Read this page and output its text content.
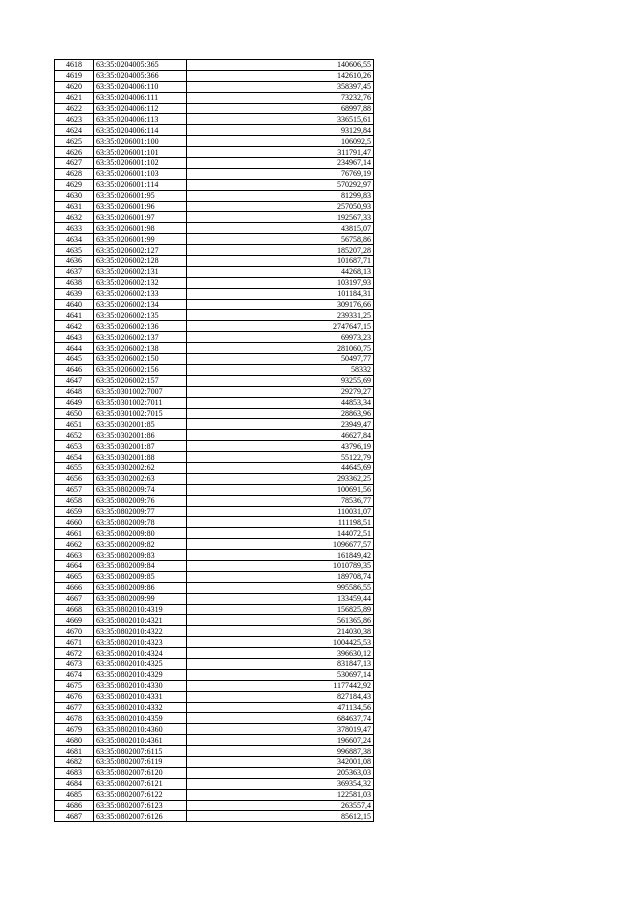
4618	63:35:0204005:365	140606,55
4619	63:35:0204005:366	142610,26
4620	63:35:0204006:110	358397,45
4621	63:35:0204006:111	73232,76
4622	63:35:0204006:112	68997,88
4623	63:35:0204006:113	336515,61
4624	63:35:0204006:114	93129,84
4625	63:35:0206001:100	106092,5
4626	63:35:0206001:101	311791,47
4627	63:35:0206001:102	234967,14
4628	63:35:0206001:103	76769,19
4629	63:35:0206001:114	570292,97
4630	63:35:0206001:95	81299,83
4631	63:35:0206001:96	257050,93
4632	63:35:0206001:97	192567,33
4633	63:35:0206001:98	43815,07
4634	63:35:0206001:99	56758,86
4635	63:35:0206002:127	185207,28
4636	63:35:0206002:128	101687,71
4637	63:35:0206002:131	44268,13
4638	63:35:0206002:132	103197,93
4639	63:35:0206002:133	101184,31
4640	63:35:0206002:134	309176,66
4641	63:35:0206002:135	239331,25
4642	63:35:0206002:136	2747647,15
4643	63:35:0206002:137	69973,23
4644	63:35:0206002:138	281060,75
4645	63:35:0206002:150	50497,77
4646	63:35:0206002:156	58332
4647	63:35:0206002:157	93255,69
4648	63:35:0301002:7007	29279,27
4649	63:35:0301002:7011	44853,34
4650	63:35:0301002:7015	28863,96
4651	63:35:0302001:85	23949,47
4652	63:35:0302001:86	46627,84
4653	63:35:0302001:87	43796,19
4654	63:35:0302001:88	55122,79
4655	63:35:0302002:62	44645,69
4656	63:35:0302002:63	293362,25
4657	63:35:0802009:74	100691,56
4658	63:35:0802009:76	78536,77
4659	63:35:0802009:77	110031,07
4660	63:35:0802009:78	111198,51
4661	63:35:0802009:80	144072,51
4662	63:35:0802009:82	1096677,57
4663	63:35:0802009:83	161849,42
4664	63:35:0802009:84	1010789,35
4665	63:35:0802009:85	189708,74
4666	63:35:0802009:86	995586,55
4667	63:35:0802009:99	133459,44
4668	63:35:0802010:4319	156825,89
4669	63:35:0802010:4321	561365,86
4670	63:35:0802010:4322	214030,38
4671	63:35:0802010:4323	1004425,53
4672	63:35:0802010:4324	396630,12
4673	63:35:0802010:4325	831847,13
4674	63:35:0802010:4329	530697,14
4675	63:35:0802010:4330	1177442,92
4676	63:35:0802010:4331	827184,43
4677	63:35:0802010:4332	471134,56
4678	63:35:0802010:4359	684637,74
4679	63:35:0802010:4360	378019,47
4680	63:35:0802010:4361	196607,24
4681	63:35:0802007:6115	996887,38
4682	63:35:0802007:6119	342001,08
4683	63:35:0802007:6120	205363,03
4684	63:35:0802007:6121	369354,32
4685	63:35:0802007:6122	122581,03
4686	63:35:0802007:6123	263557,4
4687	63:35:0802007:6126	85612,15
